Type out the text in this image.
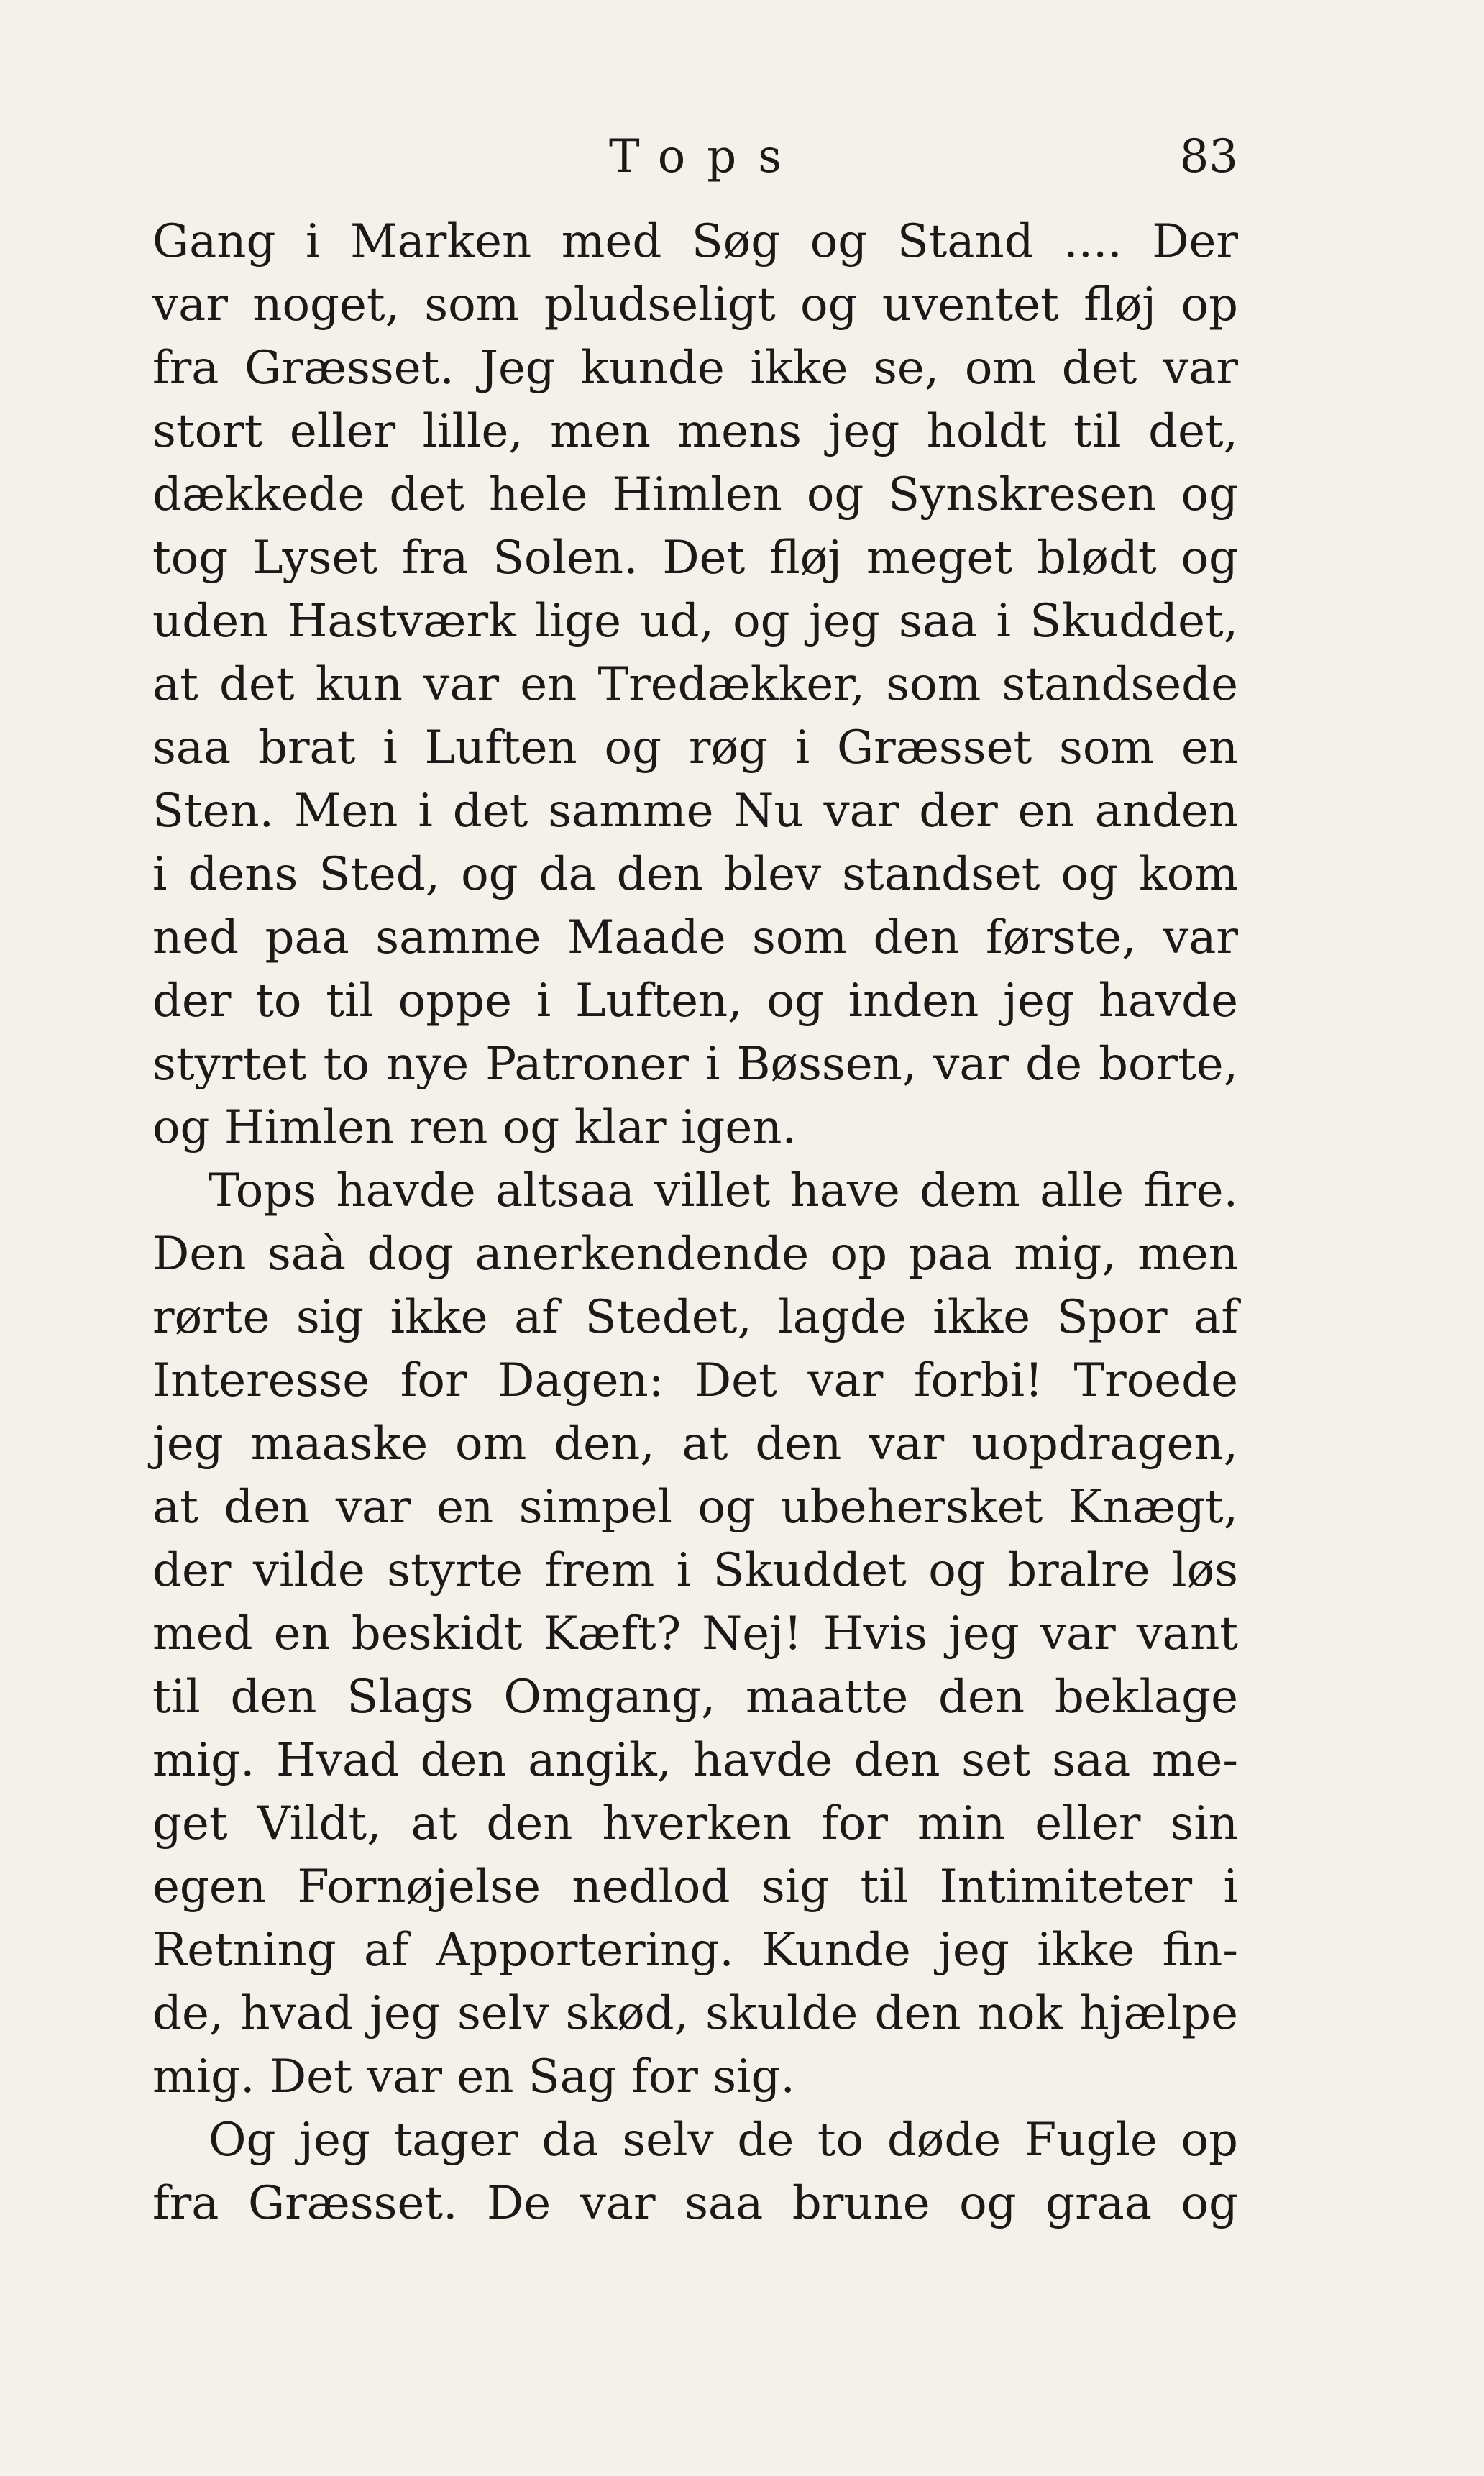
Tops	83
Gang i Marken med Søg og Stand .... Der
var noget, som pludseligt og uventet fløj op
fra Græsset. Jeg kunde ikke se, om det var
stort eller lille, men mens jeg holdt til det,
dækkede det hele Himlen og Synskresen og
tog Lyset fra Solen. Det fløj meget blødt og
uden Hastværk lige ud, og jeg saa i Skuddet,
at det kun var en Tredækker, som standsede
saa brat i Luften og røg i Græsset som en
Sten. Men i det samme Nu var der en anden
i dens Sted, og da den blev standset og kom
ned paa samme Maade som den første, var
der to til oppe i Luften, og inden jeg havde
styrtet to nye Patroner i Bøssen, var de borte,
og Himlen ren og klar igen.
Tops havde altsaa villet have dem alle fire.
Den saà dog anerkendende op paa mig, men
rørte sig ikke af Stedet, lagde ikke Spor af
Interesse for Dagen: Det var forbi! Troede
jeg maaske om den, at den var uopdragen,
at den var en simpel og ubehersket Knægt,
der vilde styrte frem i Skuddet og bralre løs
med en beskidt Kæft? Nej! Hvis jeg var vant
til den Slags Omgang, maatte den beklage
mig. Hvad den angik, havde den set saa me-
get Vildt, at den hverken for min eller sin
egen Fornøjelse nedlod sig til Intimiteter i
Retning af Apportering. Kunde jeg ikke fin-
de, hvad jeg selv skød, skulde den nok hjælpe
mig. Det var en Sag for sig.
Og jeg tager da selv de to døde Fugle op
fra Græsset. De var saa brune og graa og
